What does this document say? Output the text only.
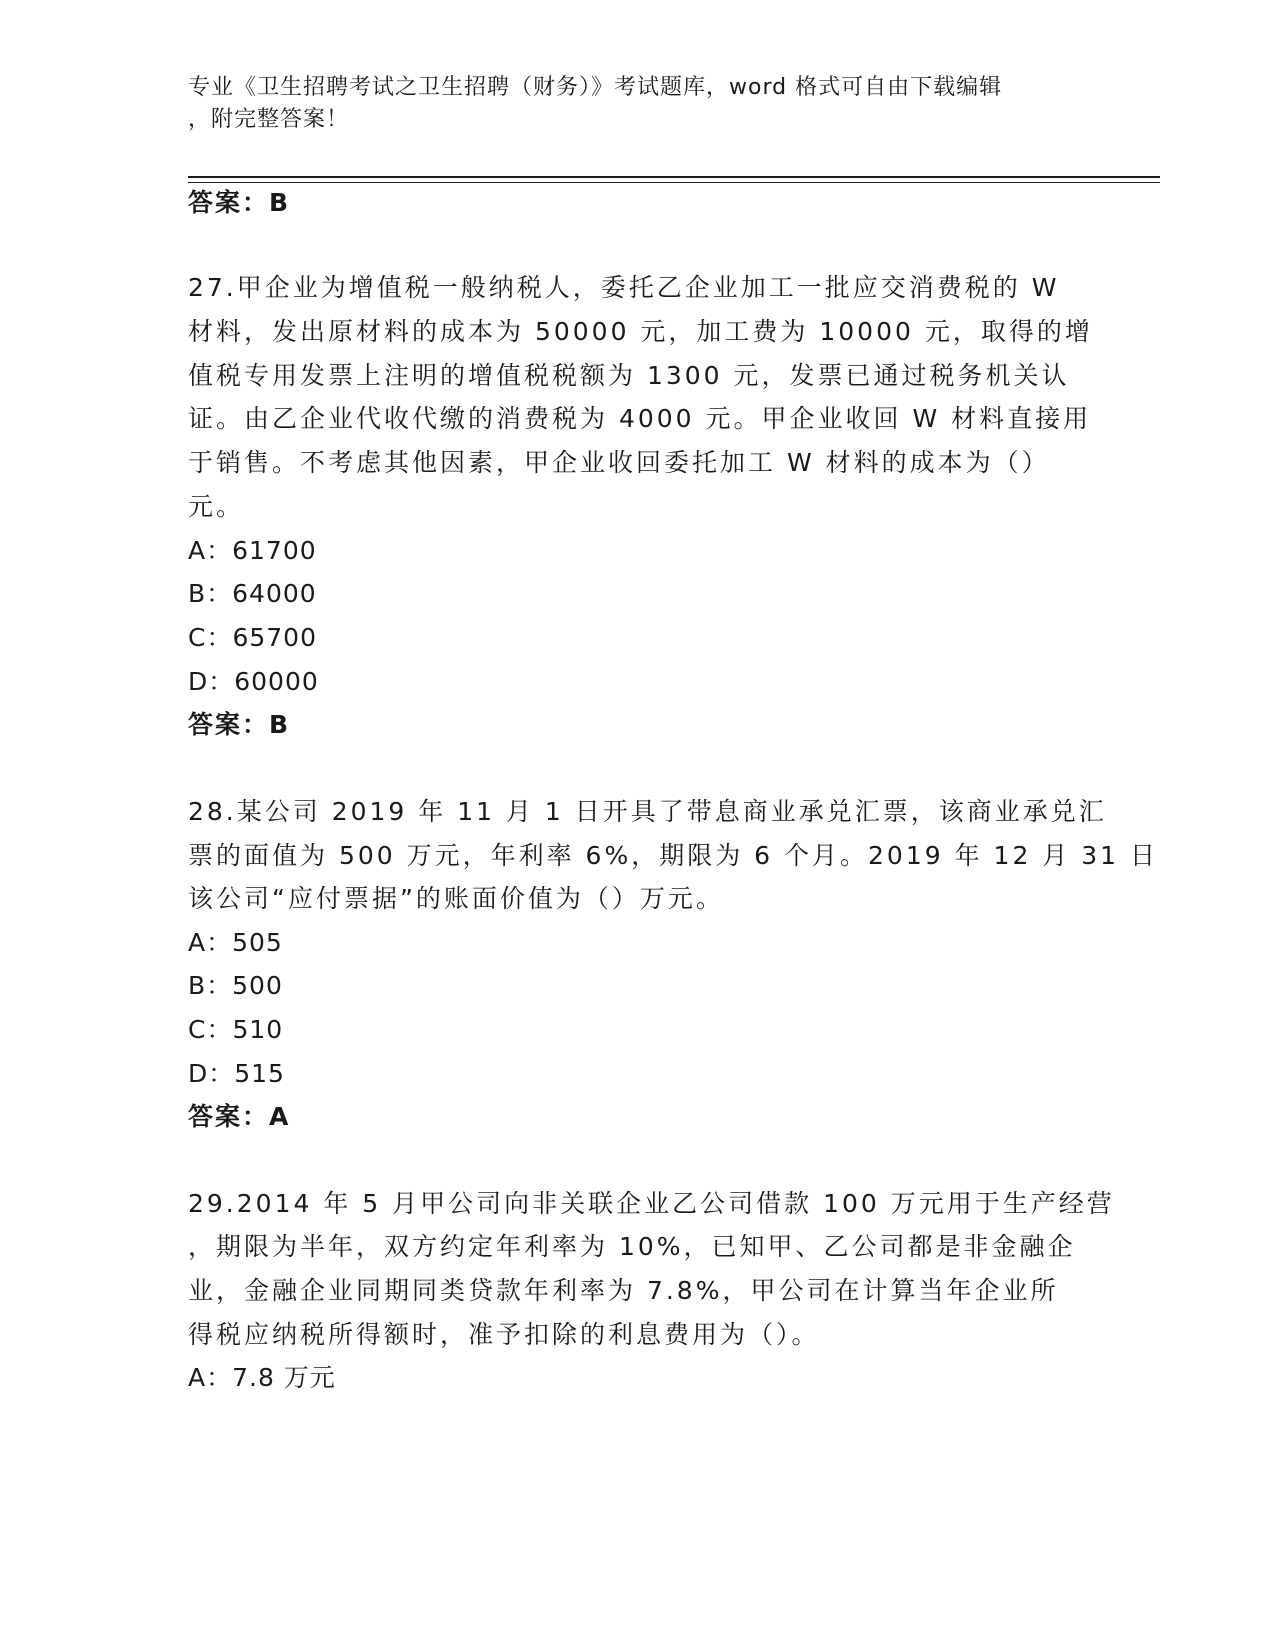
专业《卫生招聘考试之卫生招聘（财务）》考试题库，word 格式可自由下载编辑
，附完整答案！
答案：B
27.甲企业为增值税一般纳税人，委托乙企业加工一批应交消费税的 W
材料，发出原材料的成本为 50000 元，加工费为 10000 元，取得的增
值税专用发票上注明的增值税税额为 1300 元，发票已通过税务机关认
证。由乙企业代收代缴的消费税为 4000 元。甲企业收回 W 材料直接用
于销售。不考虑其他因素，甲企业收回委托加工 W 材料的成本为（）
元。
A：61700
B：64000
C：65700
D：60000
答案：B
28.某公司 2019 年 11 月 1 日开具了带息商业承兑汇票，该商业承兑汇
票的面值为 500 万元，年利率 6%，期限为 6 个月。2019 年 12 月 31 日
该公司“应付票据”的账面价值为（）万元。
A：505
B：500
C：510
D：515
答案：A
29.2014 年 5 月甲公司向非关联企业乙公司借款 100 万元用于生产经营
，期限为半年，双方约定年利率为 10%，已知甲、乙公司都是非金融企
业，金融企业同期同类贷款年利率为 7.8%，甲公司在计算当年企业所
得税应纳税所得额时，准予扣除的利息费用为（）。
A：7.8 万元
